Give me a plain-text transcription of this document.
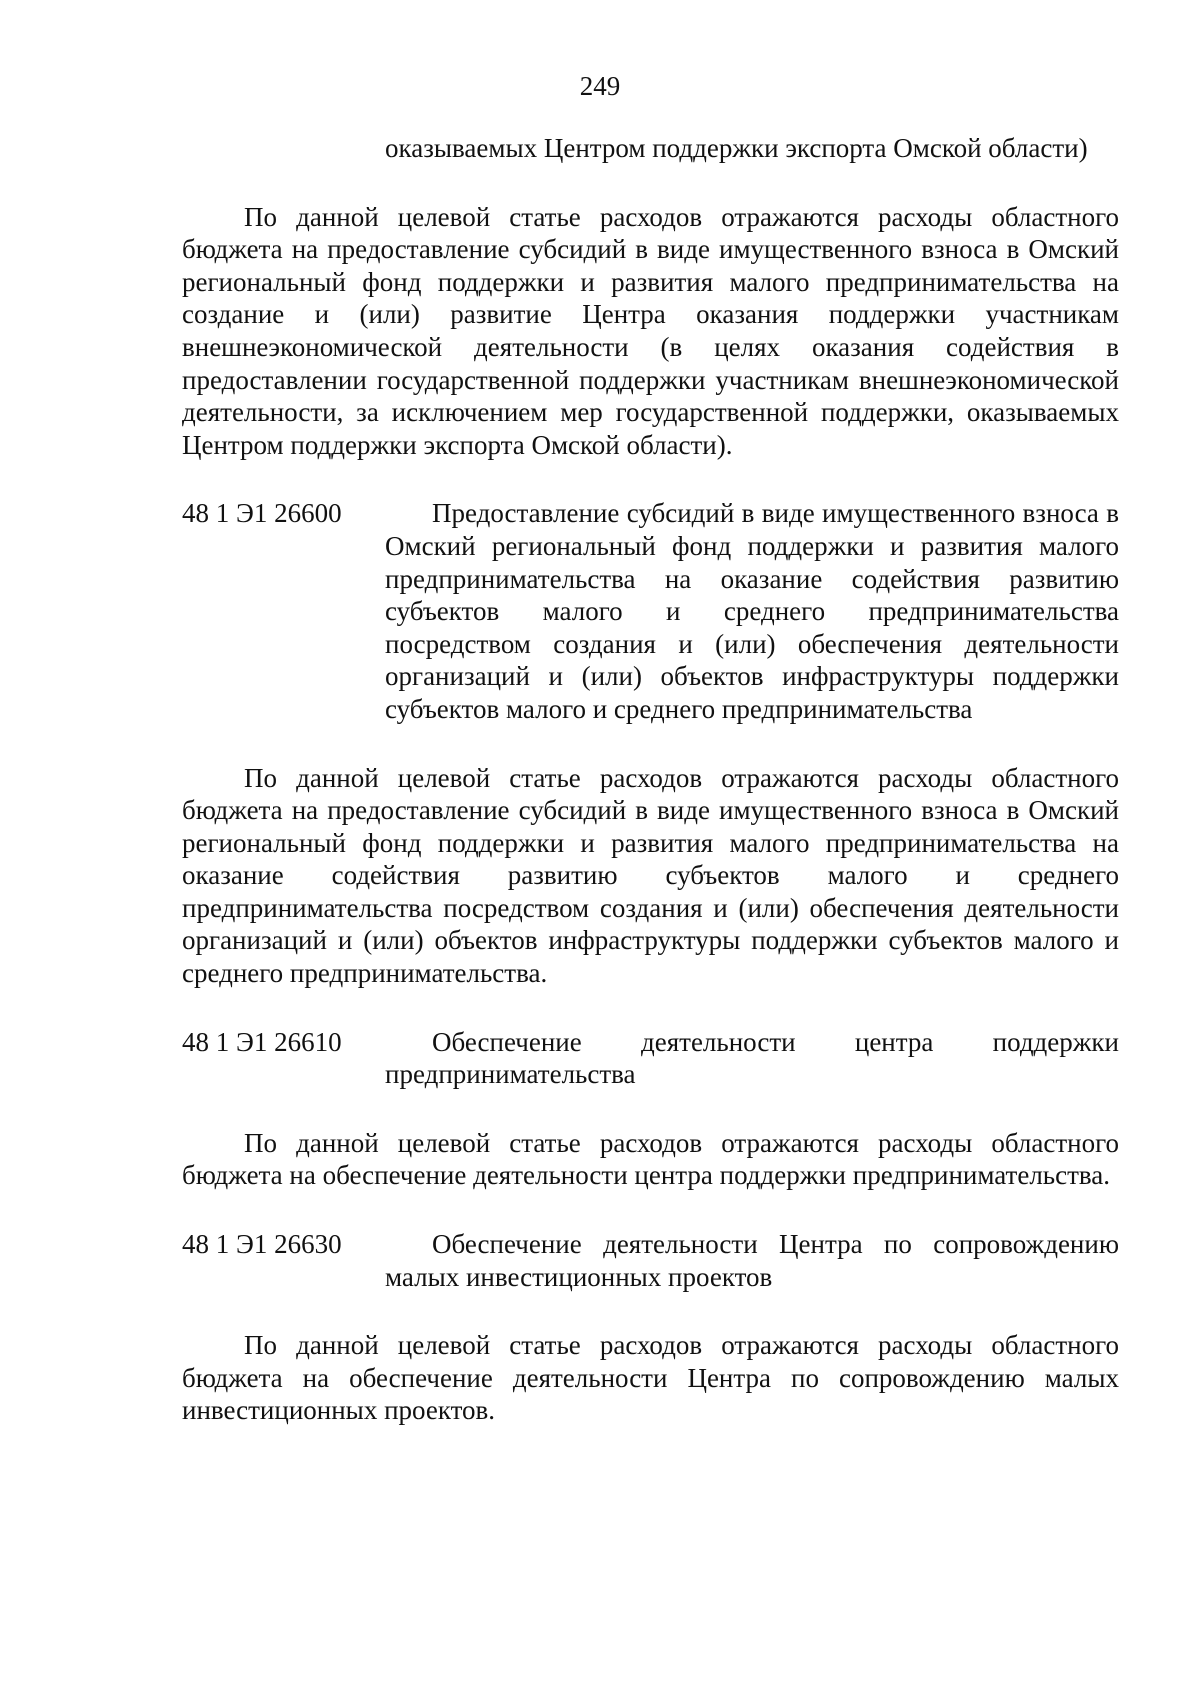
249

оказываемых Центром поддержки экспорта Омской области)

По данной целевой статье расходов отражаются расходы областного бюджета на предоставление субсидий в виде имущественного взноса в Омский региональный фонд поддержки и развития малого предпринимательства на создание и (или) развитие Центра оказания поддержки участникам внешнеэкономической деятельности (в целях оказания содействия в предоставлении государственной поддержки участникам внешнеэкономической деятельности, за исключением мер государственной поддержки, оказываемых Центром поддержки экспорта Омской области).

48 1 Э1 26600	Предоставление субсидий в виде имущественного взноса в Омский региональный фонд поддержки и развития малого предпринимательства на оказание содействия развитию субъектов малого и среднего предпринимательства посредством создания и (или) обеспечения деятельности организаций и (или) объектов инфраструктуры поддержки субъектов малого и среднего предпринимательства

По данной целевой статье расходов отражаются расходы областного бюджета на предоставление субсидий в виде имущественного взноса в Омский региональный фонд поддержки и развития малого предпринимательства на оказание содействия развитию субъектов малого и среднего предпринимательства посредством создания и (или) обеспечения деятельности организаций и (или) объектов инфраструктуры поддержки субъектов малого и среднего предпринимательства.

48 1 Э1 26610	Обеспечение деятельности центра поддержки предпринимательства

По данной целевой статье расходов отражаются расходы областного бюджета на обеспечение деятельности центра поддержки предпринимательства.

48 1 Э1 26630	Обеспечение деятельности Центра по сопровождению малых инвестиционных проектов

По данной целевой статье расходов отражаются расходы областного бюджета на обеспечение деятельности Центра по сопровождению малых инвестиционных проектов.
